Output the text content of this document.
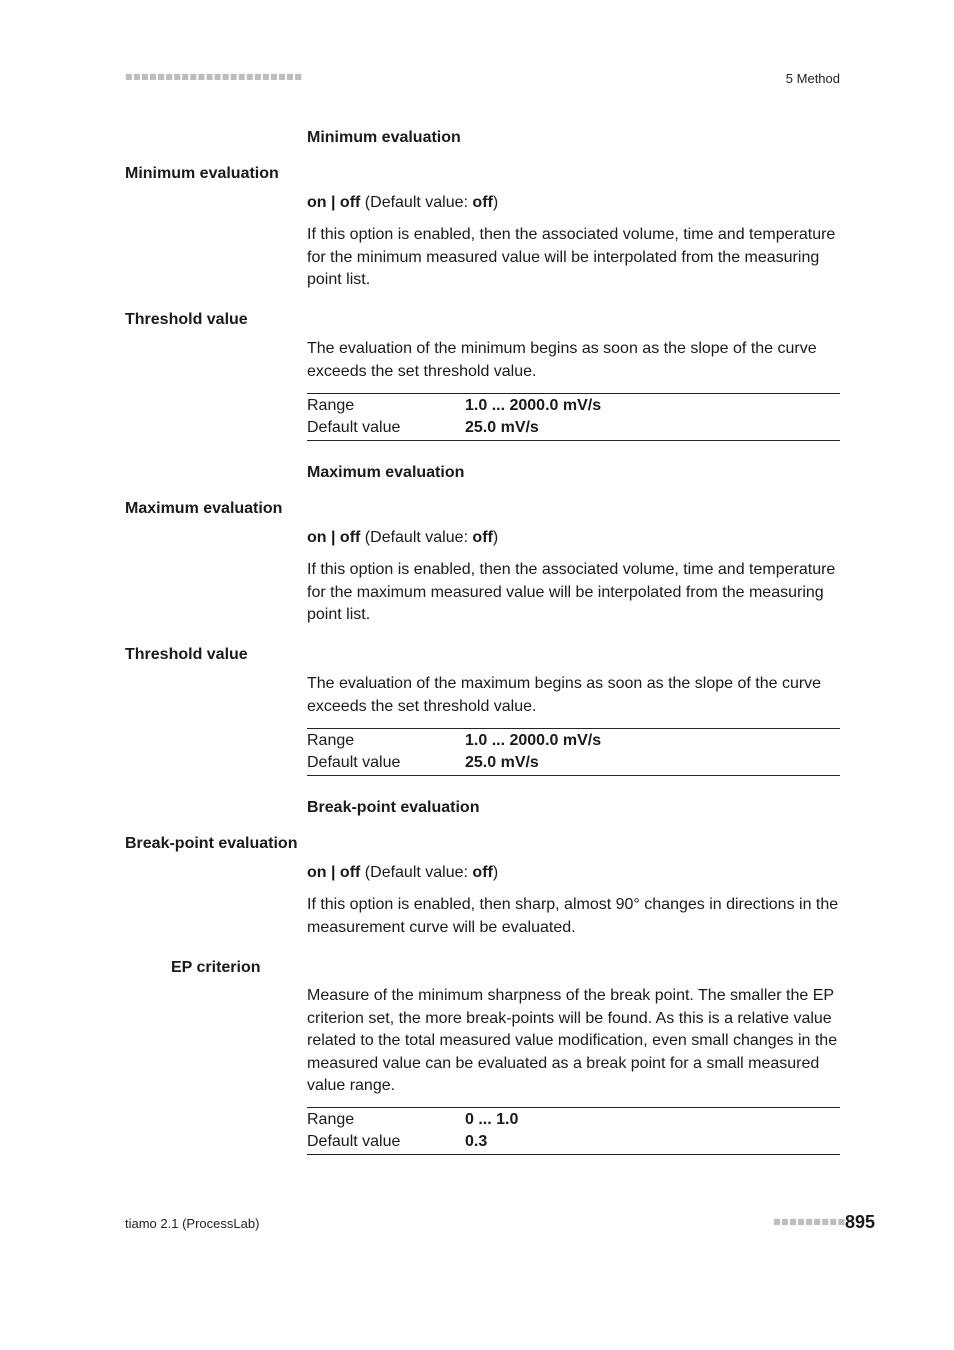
■■■■■■■■■■■■■■■■■■■■■■	5 Method
Minimum evaluation
Minimum evaluation
on | off (Default value: off)
If this option is enabled, then the associated volume, time and temperature for the minimum measured value will be interpolated from the measuring point list.
Threshold value
The evaluation of the minimum begins as soon as the slope of the curve exceeds the set threshold value.
Range	1.0 ... 2000.0 mV/s
Default value	25.0 mV/s
Maximum evaluation
Maximum evaluation
on | off (Default value: off)
If this option is enabled, then the associated volume, time and temperature for the maximum measured value will be interpolated from the measuring point list.
Threshold value
The evaluation of the maximum begins as soon as the slope of the curve exceeds the set threshold value.
Range	1.0 ... 2000.0 mV/s
Default value	25.0 mV/s
Break-point evaluation
Break-point evaluation
on | off (Default value: off)
If this option is enabled, then sharp, almost 90° changes in directions in the measurement curve will be evaluated.
EP criterion
Measure of the minimum sharpness of the break point. The smaller the EP criterion set, the more break-points will be found. As this is a relative value related to the total measured value modification, even small changes in the measured value can be evaluated as a break point for a small measured value range.
Range	0 ... 1.0
Default value	0.3
tiamo 2.1 (ProcessLab)	■■■■■■■■■ 895
